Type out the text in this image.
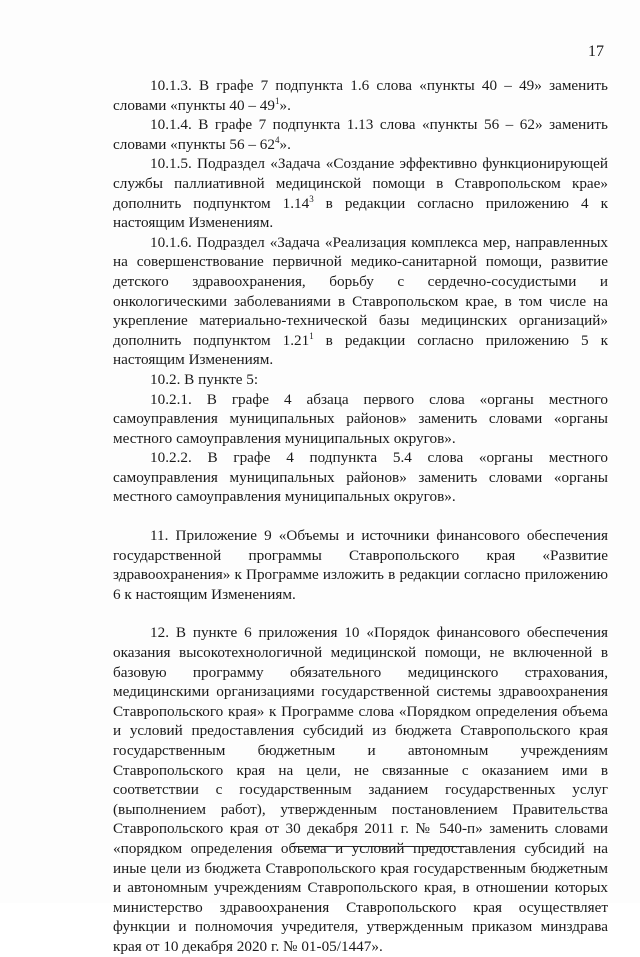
17

10.1.3. В графе 7 подпункта 1.6 слова «пункты 40 – 49» заменить словами «пункты $40 - 49^1$».

10.1.4. В графе 7 подпункта 1.13 слова «пункты 56 – 62» заменить словами «пункты $56 - 62^4$».

10.1.5. Подраздел «Задача «Создание эффективно функционирующей службы паллиативной медицинской помощи в Ставропольском крае» дополнить подпунктом 1.14$^3$ в редакции согласно приложению 4 к настоящим Изменениям.

10.1.6. Подраздел «Задача «Реализация комплекса мер, направленных на совершенствование первичной медико-санитарной помощи, развитие детского здравоохранения, борьбу с сердечно-сосудистыми и онкологическими заболеваниями в Ставропольском крае, в том числе на укрепление материально-технической базы медицинских организаций» дополнить подпунктом 1.21$^1$ в редакции согласно приложению 5 к настоящим Изменениям.

10.2. В пункте 5:

10.2.1. В графе 4 абзаца первого слова «органы местного самоуправления муниципальных районов» заменить словами «органы местного самоуправления муниципальных округов».

10.2.2. В графе 4 подпункта 5.4 слова «органы местного самоуправления муниципальных районов» заменить словами «органы местного самоуправления муниципальных округов».

11. Приложение 9 «Объемы и источники финансового обеспечения государственной программы Ставропольского края «Развитие здравоохранения» к Программе изложить в редакции согласно приложению 6 к настоящим Изменениям.

12. В пункте 6 приложения 10 «Порядок финансового обеспечения оказания высокотехнологичной медицинской помощи, не включенной в базовую программу обязательного медицинского страхования, медицинскими организациями государственной системы здравоохранения Ставропольского края» к Программе слова «Порядком определения объема и условий предоставления субсидий из бюджета Ставропольского края государственным бюджетным и автономным учреждениям Ставропольского края на цели, не связанные с оказанием ими в соответствии с государственным заданием государственных услуг (выполнением работ), утвержденным постановлением Правительства Ставропольского края от 30 декабря 2011 г. № 540-п» заменить словами «порядком определения объема и условий предоставления субсидий на иные цели из бюджета Ставропольского края государственным бюджетным и автономным учреждениям Ставропольского края, в отношении которых министерство здравоохранения Ставропольского края осуществляет функции и полномочия учредителя, утвержденным приказом минздрава края от 10 декабря 2020 г. № 01-05/1447».
